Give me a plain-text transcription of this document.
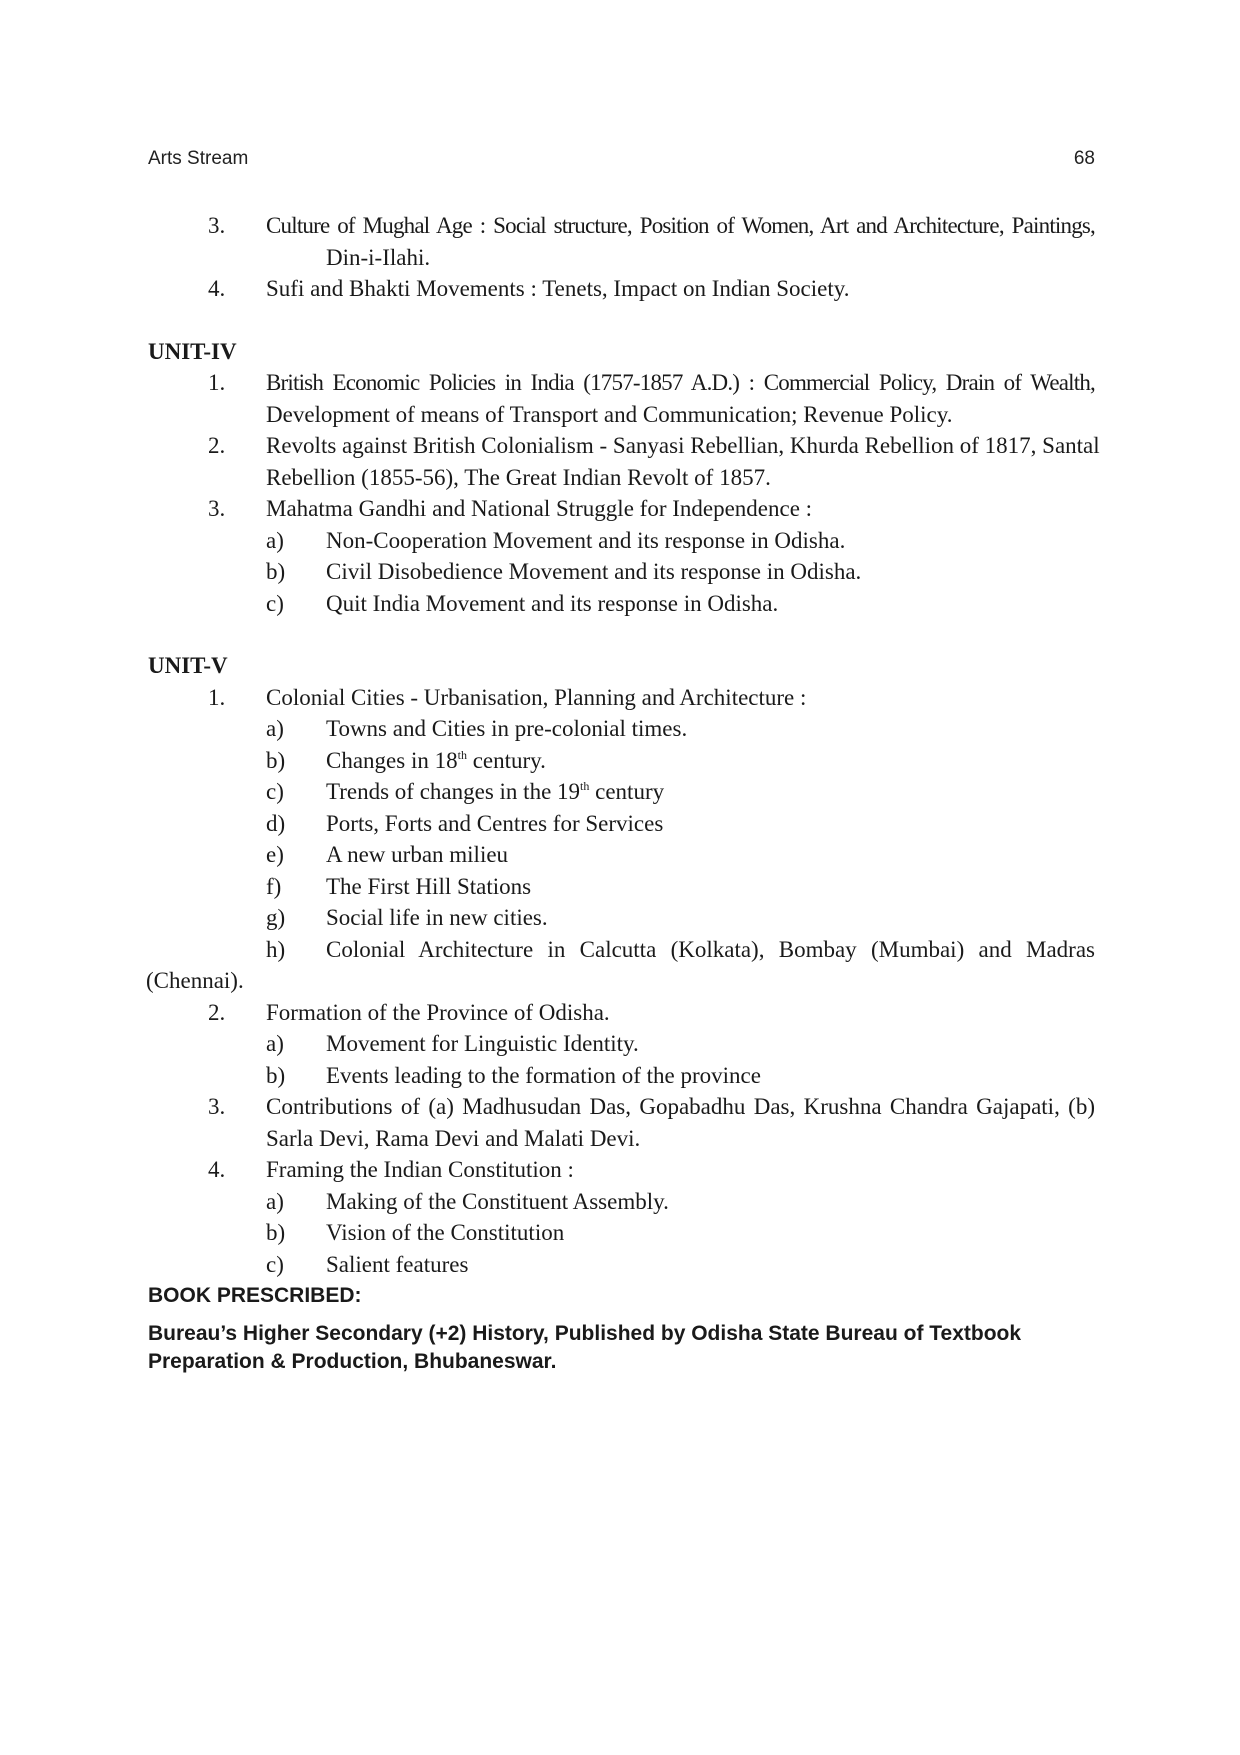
Arts Stream	68
3. Culture of Mughal Age : Social structure, Position of Women, Art and Architecture, Paintings,
Din-i-Ilahi.
4. Sufi and Bhakti Movements : Tenets, Impact on Indian Society.
UNIT-IV
1. British Economic Policies in India (1757-1857 A.D.) : Commercial Policy, Drain of Wealth,
Development of means of Transport and Communication; Revenue Policy.
2. Revolts against British Colonialism - Sanyasi Rebellian, Khurda Rebellion of 1817, Santal
Rebellion (1855-56), The Great Indian Revolt of 1857.
3. Mahatma Gandhi and National Struggle for Independence :
a) Non-Cooperation Movement and its response in Odisha.
b) Civil Disobedience Movement and its response in Odisha.
c) Quit India Movement and its response in Odisha.
UNIT-V
1. Colonial Cities - Urbanisation, Planning and Architecture :
a) Towns and Cities in pre-colonial times.
b) Changes in 18th century.
c) Trends of changes in the 19th century
d) Ports, Forts and Centres for Services
e) A new urban milieu
f) The First Hill Stations
g) Social life in new cities.
h) Colonial Architecture in Calcutta (Kolkata), Bombay (Mumbai) and Madras
(Chennai).
2. Formation of the Province of Odisha.
a) Movement for Linguistic Identity.
b) Events leading to the formation of the province
3. Contributions of (a) Madhusudan Das, Gopabadhu Das, Krushna Chandra Gajapati, (b)
Sarla Devi, Rama Devi and Malati Devi.
4. Framing the Indian Constitution :
a) Making of the Constituent Assembly.
b) Vision of the Constitution
c) Salient features
BOOK PRESCRIBED:
Bureau’s Higher Secondary (+2) History, Published by Odisha State Bureau of Textbook Preparation & Production, Bhubaneswar.
